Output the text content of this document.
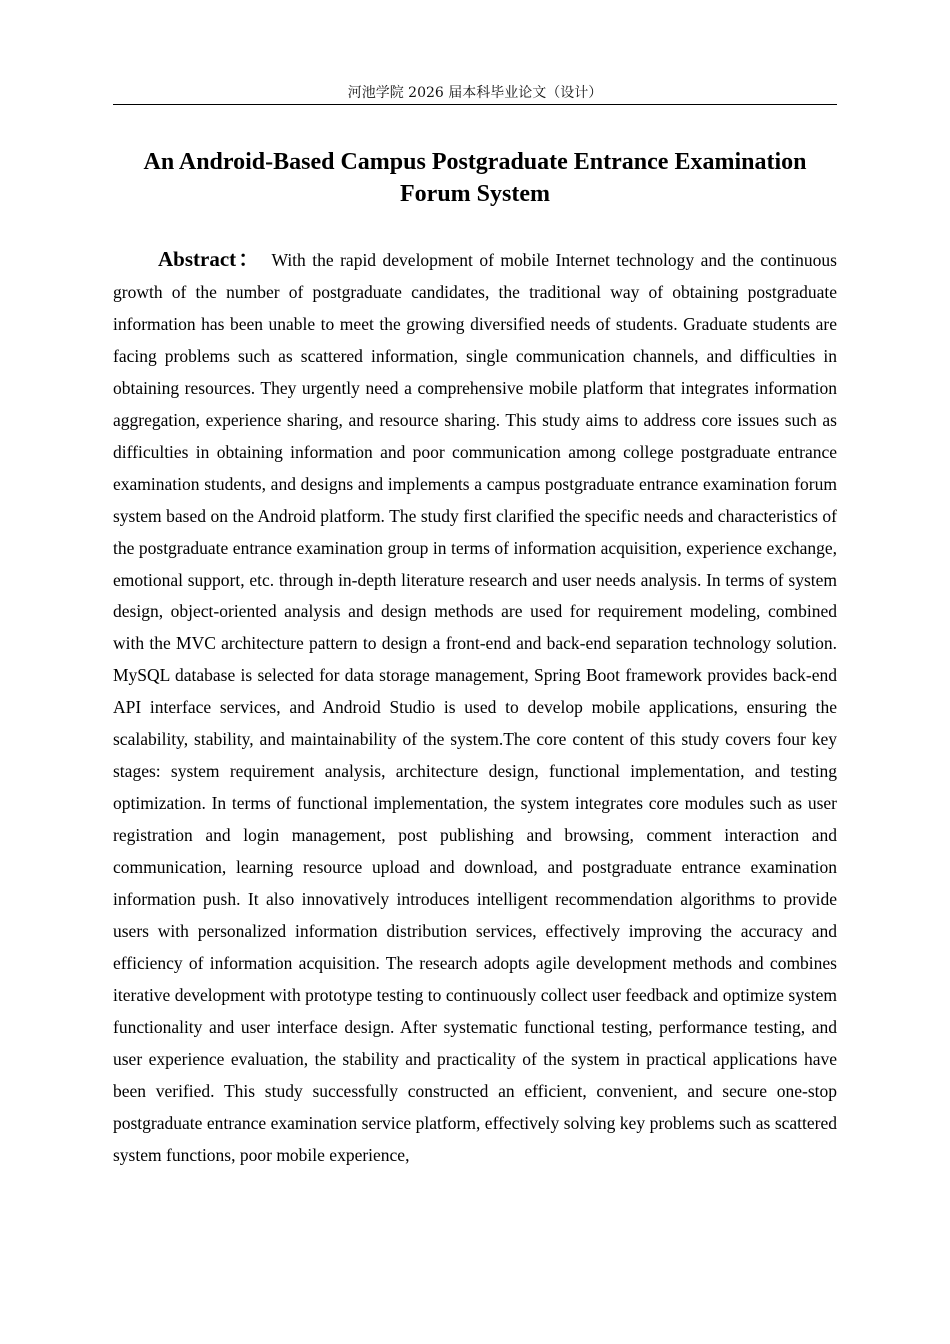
河池学院 2026 届本科毕业论文（设计）
An Android-Based Campus Postgraduate Entrance Examination Forum System

Abstract： With the rapid development of mobile Internet technology and the continuous growth of the number of postgraduate candidates, the traditional way of obtaining postgraduate information has been unable to meet the growing diversified needs of students. Graduate students are facing problems such as scattered information, single communication channels, and difficulties in obtaining resources. They urgently need a comprehensive mobile platform that integrates information aggregation, experience sharing, and resource sharing. This study aims to address core issues such as difficulties in obtaining information and poor communication among college postgraduate entrance examination students, and designs and implements a campus postgraduate entrance examination forum system based on the Android platform. The study first clarified the specific needs and characteristics of the postgraduate entrance examination group in terms of information acquisition, experience exchange, emotional support, etc. through in-depth literature research and user needs analysis. In terms of system design, object-oriented analysis and design methods are used for requirement modeling, combined with the MVC architecture pattern to design a front-end and back-end separation technology solution. MySQL database is selected for data storage management, Spring Boot framework provides back-end API interface services, and Android Studio is used to develop mobile applications, ensuring the scalability, stability, and maintainability of the system.The core content of this study covers four key stages: system requirement analysis, architecture design, functional implementation, and testing optimization. In terms of functional implementation, the system integrates core modules such as user registration and login management, post publishing and browsing, comment interaction and communication, learning resource upload and download, and postgraduate entrance examination information push. It also innovatively introduces intelligent recommendation algorithms to provide users with personalized information distribution services, effectively improving the accuracy and efficiency of information acquisition. The research adopts agile development methods and combines iterative development with prototype testing to continuously collect user feedback and optimize system functionality and user interface design. After systematic functional testing, performance testing, and user experience evaluation, the stability and practicality of the system in practical applications have been verified. This study successfully constructed an efficient, convenient, and secure one-stop postgraduate entrance examination service platform, effectively solving key problems such as scattered system functions, poor mobile experience,
